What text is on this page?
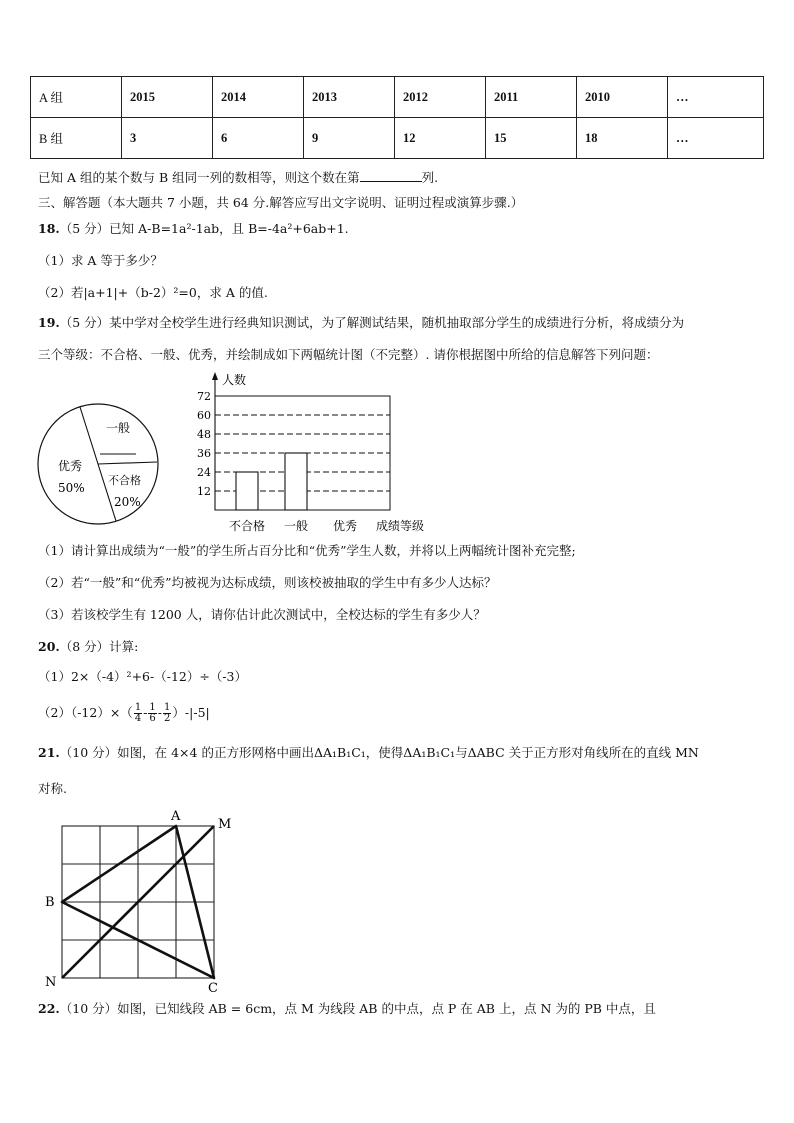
A 组	2015	2014	2013	2012	2011	2010	…
B 组	3	6	9	12	15	18	…
已知 A 组的某个数与 B 组同一列的数相等，则这个数在第	列.
三、解答题（本大题共 7 小题，共 64 分.解答应写出文字说明、证明过程或演算步骤.）
18.（5 分）已知 A-B=1a²-1ab，且 B=-4a²+6ab+1.
（1）求 A 等于多少？
（2）若|a+1|+（b-2）²=0，求 A 的值.
19.（5 分）某中学对全校学生进行经典知识测试，为了解测试结果，随机抽取部分学生的成绩进行分析，将成绩分为
三个等级：不合格、一般、优秀，并绘制成如下两幅统计图（不完整）. 请你根据图中所给的信息解答下列问题：
一般
优秀
50%
不合格
20%
12
24
36
48
60
72
不合格 一般 优秀
人数
成绩等级
（1）请计算出成绩为“一般”的学生所占百分比和“优秀”学生人数，并将以上两幅统计图补充完整;
（2）若“一般”和“优秀”均被视为达标成绩，则该校被抽取的学生中有多少人达标？
（3）若该校学生有 1200 人，请你估计此次测试中，全校达标的学生有多少人？
20.（8 分）计算:
（1）2×（-4）²+6-（-12）÷（-3）
$(2)(-12)\times( \frac{1}{4} - \frac{1}{6} - \frac{1}{2} )-|-5|$
21.（10 分）如图，在 4×4 的正方形网格中画出ΔA₁B₁C₁，使得ΔA₁B₁C₁与ΔABC 关于正方形对角线所在的直线 MN
对称.
A
M
B
N	C
22.（10 分）如图，已知线段 AB = 6cm，点 M 为线段 AB 的中点，点 P 在 AB 上，点 N 为的 PB 中点，且
